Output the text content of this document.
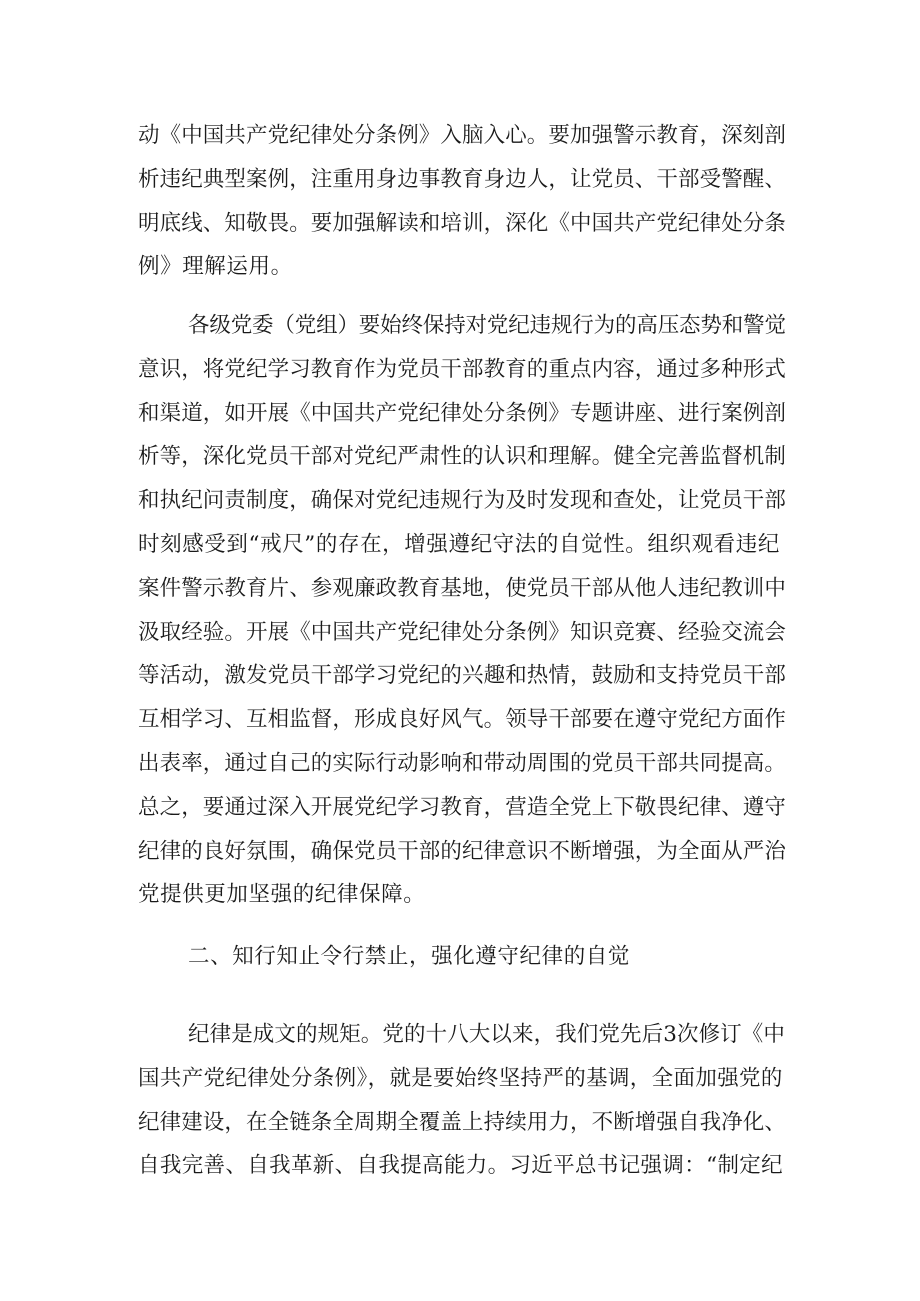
动《中国共产党纪律处分条例》入脑入心。要加强警示教育，深刻剖
析违纪典型案例，注重用身边事教育身边人，让党员、干部受警醒、
明底线、知敬畏。要加强解读和培训，深化《中国共产党纪律处分条
例》理解运用。
各级党委（党组）要始终保持对党纪违规行为的高压态势和警觉
意识，将党纪学习教育作为党员干部教育的重点内容，通过多种形式
和渠道，如开展《中国共产党纪律处分条例》专题讲座、进行案例剖
析等，深化党员干部对党纪严肃性的认识和理解。健全完善监督机制
和执纪问责制度，确保对党纪违规行为及时发现和查处，让党员干部
时刻感受到“戒尺”的存在，增强遵纪守法的自觉性。组织观看违纪
案件警示教育片、参观廉政教育基地，使党员干部从他人违纪教训中
汲取经验。开展《中国共产党纪律处分条例》知识竞赛、经验交流会
等活动，激发党员干部学习党纪的兴趣和热情，鼓励和支持党员干部
互相学习、互相监督，形成良好风气。领导干部要在遵守党纪方面作
出表率，通过自己的实际行动影响和带动周围的党员干部共同提高。
总之，要通过深入开展党纪学习教育，营造全党上下敬畏纪律、遵守
纪律的良好氛围，确保党员干部的纪律意识不断增强，为全面从严治
党提供更加坚强的纪律保障。
二、知行知止令行禁止，强化遵守纪律的自觉
纪律是成文的规矩。党的十八大以来，我们党先后3次修订《中
国共产党纪律处分条例》，就是要始终坚持严的基调，全面加强党的
纪律建设，在全链条全周期全覆盖上持续用力，不断增强自我净化、
自我完善、自我革新、自我提高能力。习近平总书记强调：“制定纪
